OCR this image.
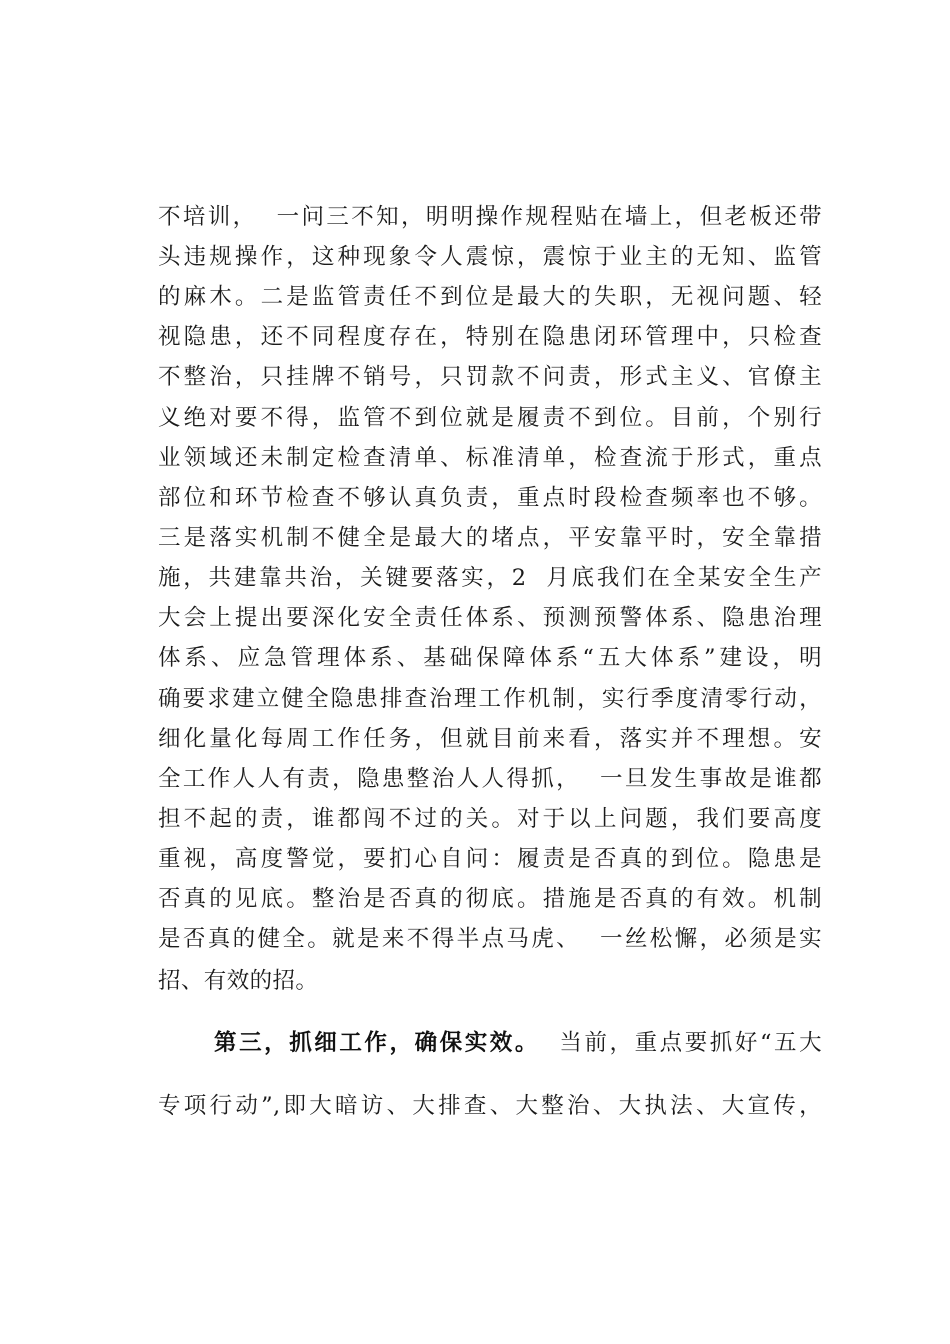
不培训，  一问三不知，明明操作规程贴在墙上，但老板还带
头违规操作，这种现象令人震惊，震惊于业主的无知、监管
的麻木。二是监管责任不到位是最大的失职，无视问题、轻
视隐患，还不同程度存在，特别在隐患闭环管理中，只检查
不整治，只挂牌不销号，只罚款不问责，形式主义、官僚主
义绝对要不得，监管不到位就是履责不到位。目前，个别行
业领域还未制定检查清单、标准清单，检查流于形式，重点
部位和环节检查不够认真负责，重点时段检查频率也不够。
三是落实机制不健全是最大的堵点，平安靠平时，安全靠措
施，共建靠共治，关键要落实，2  月底我们在全某安全生产
大会上提出要深化安全责任体系、预测预警体系、隐患治理
体系、应急管理体系、基础保障体系“五大体系”建设，明
确要求建立健全隐患排查治理工作机制，实行季度清零行动，
细化量化每周工作任务，但就目前来看，落实并不理想。安
全工作人人有责，隐患整治人人得抓，  一旦发生事故是谁都
担不起的责，谁都闯不过的关。对于以上问题，我们要高度
重视，高度警觉，要扪心自问：履责是否真的到位。隐患是
否真的见底。整治是否真的彻底。措施是否真的有效。机制
是否真的健全。就是来不得半点马虎、  一丝松懈，必须是实
招、有效的招。
第三，抓细工作，确保实效。  当前，重点要抓好“五大
专项行动”,即大暗访、大排查、大整治、大执法、大宣传，
